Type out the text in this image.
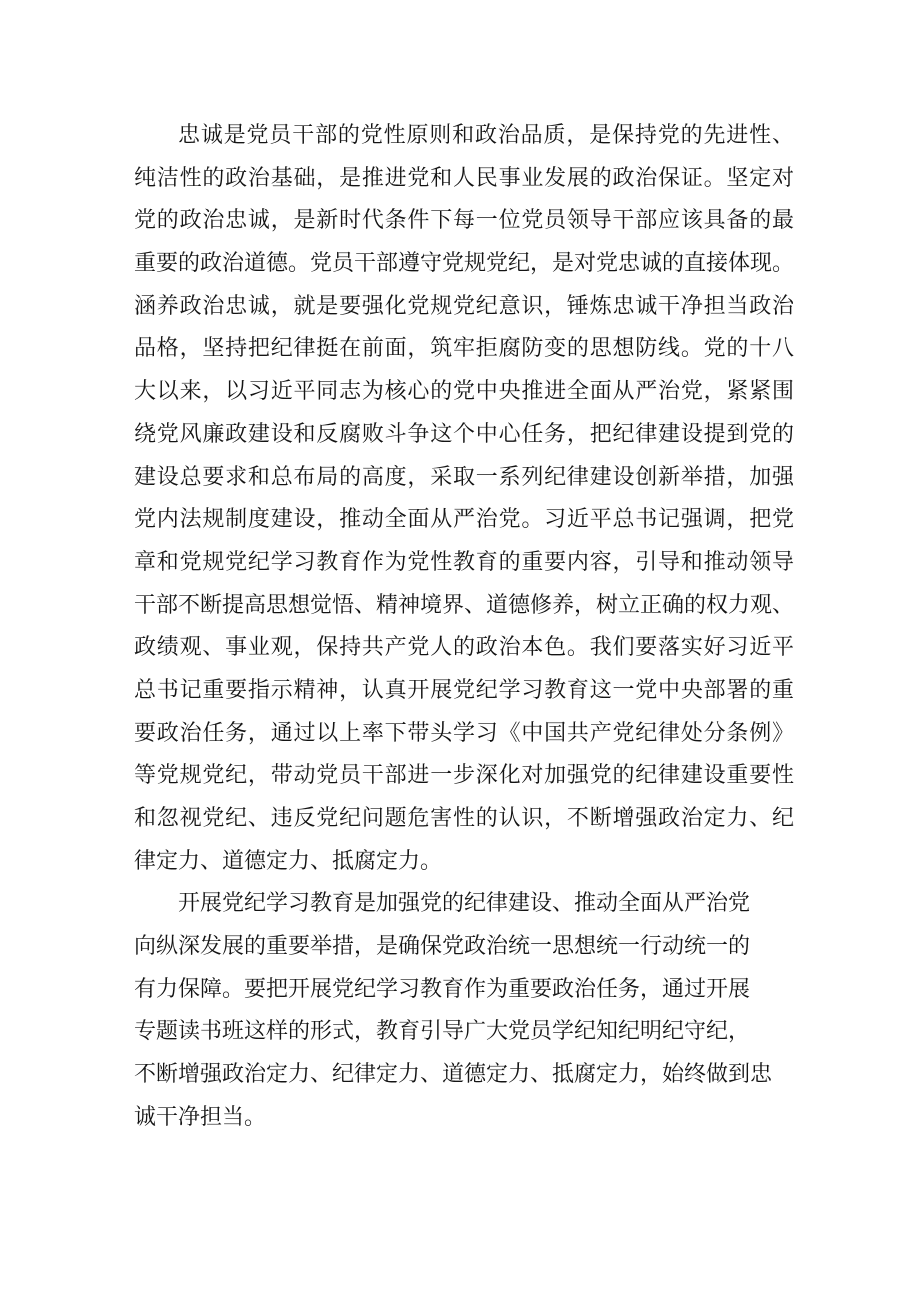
忠诚是党员干部的党性原则和政治品质，是保持党的先进性、
纯洁性的政治基础，是推进党和人民事业发展的政治保证。坚定对
党的政治忠诚，是新时代条件下每一位党员领导干部应该具备的最
重要的政治道德。党员干部遵守党规党纪，是对党忠诚的直接体现。
涵养政治忠诚，就是要强化党规党纪意识，锤炼忠诚干净担当政治
品格，坚持把纪律挺在前面，筑牢拒腐防变的思想防线。党的十八
大以来，以习近平同志为核心的党中央推进全面从严治党，紧紧围
绕党风廉政建设和反腐败斗争这个中心任务，把纪律建设提到党的
建设总要求和总布局的高度，采取一系列纪律建设创新举措，加强
党内法规制度建设，推动全面从严治党。习近平总书记强调，把党
章和党规党纪学习教育作为党性教育的重要内容，引导和推动领导
干部不断提高思想觉悟、精神境界、道德修养，树立正确的权力观、
政绩观、事业观，保持共产党人的政治本色。我们要落实好习近平
总书记重要指示精神，认真开展党纪学习教育这一党中央部署的重
要政治任务，通过以上率下带头学习《中国共产党纪律处分条例》
等党规党纪，带动党员干部进一步深化对加强党的纪律建设重要性
和忽视党纪、违反党纪问题危害性的认识，不断增强政治定力、纪
律定力、道德定力、抵腐定力。
开展党纪学习教育是加强党的纪律建设、推动全面从严治党
向纵深发展的重要举措，是确保党政治统一思想统一行动统一的
有力保障。要把开展党纪学习教育作为重要政治任务，通过开展
专题读书班这样的形式，教育引导广大党员学纪知纪明纪守纪，
不断增强政治定力、纪律定力、道德定力、抵腐定力，始终做到忠
诚干净担当。
